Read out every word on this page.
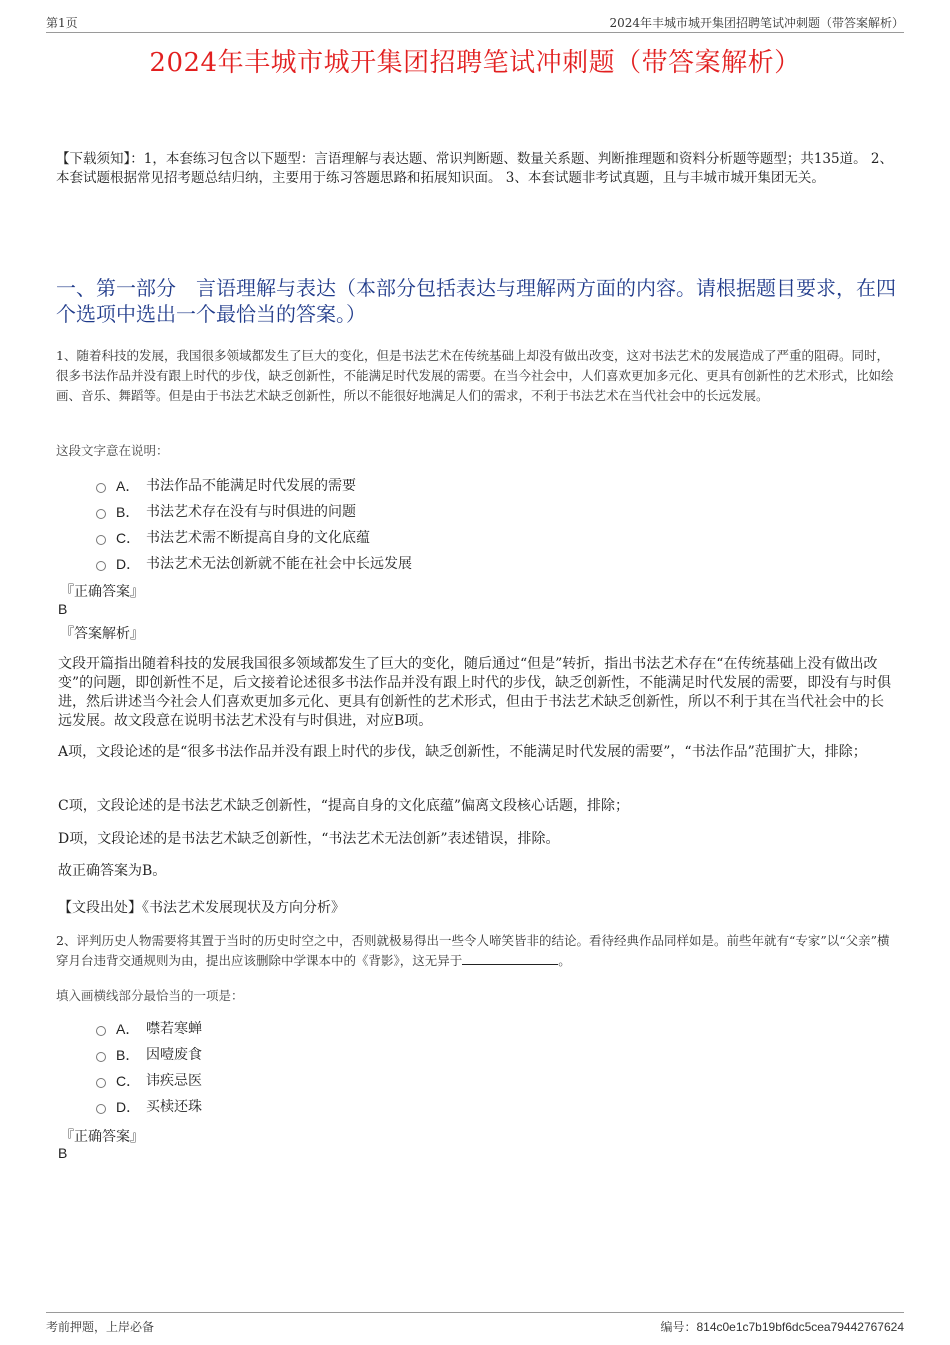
第1页	2024年丰城市城开集团招聘笔试冲刺题（带答案解析）
2024年丰城市城开集团招聘笔试冲刺题（带答案解析）
【下载须知】：1，本套练习包含以下题型：言语理解与表达题、常识判断题、数量关系题、判断推理题和资料分析题等题型；共135道。 2、本套试题根据常见招考题总结归纳，主要用于练习答题思路和拓展知识面。 3、本套试题非考试真题，且与丰城市城开集团无关。
一、第一部分　言语理解与表达（本部分包括表达与理解两方面的内容。请根据题目要求，在四个选项中选出一个最恰当的答案。）
1、随着科技的发展，我国很多领域都发生了巨大的变化，但是书法艺术在传统基础上却没有做出改变，这对书法艺术的发展造成了严重的阻碍。同时，很多书法作品并没有跟上时代的步伐，缺乏创新性，不能满足时代发展的需要。在当今社会中，人们喜欢更加多元化、更具有创新性的艺术形式，比如绘画、音乐、舞蹈等。但是由于书法艺术缺乏创新性，所以不能很好地满足人们的需求，不利于书法艺术在当代社会中的长远发展。
这段文字意在说明：
A． 书法作品不能满足时代发展的需要
B． 书法艺术存在没有与时俱进的问题
C． 书法艺术需不断提高自身的文化底蕴
D． 书法艺术无法创新就不能在社会中长远发展
『正确答案』
B
『答案解析』
文段开篇指出随着科技的发展我国很多领域都发生了巨大的变化，随后通过“但是”转折，指出书法艺术存在“在传统基础上没有做出改变”的问题，即创新性不足，后文接着论述很多书法作品并没有跟上时代的步伐，缺乏创新性，不能满足时代发展的需要，即没有与时俱进，然后讲述当今社会人们喜欢更加多元化、更具有创新性的艺术形式，但由于书法艺术缺乏创新性，所以不利于其在当代社会中的长远发展。故文段意在说明书法艺术没有与时俱进，对应B项。
A项，文段论述的是“很多书法作品并没有跟上时代的步伐，缺乏创新性，不能满足时代发展的需要”，“书法作品”范围扩大，排除；
C项，文段论述的是书法艺术缺乏创新性，“提高自身的文化底蕴”偏离文段核心话题，排除；
D项，文段论述的是书法艺术缺乏创新性，“书法艺术无法创新”表述错误，排除。
故正确答案为B。
【文段出处】《书法艺术发展现状及方向分析》
2、评判历史人物需要将其置于当时的历史时空之中，否则就极易得出一些令人啼笑皆非的结论。看待经典作品同样如是。前些年就有“专家”以“父亲”横穿月台违背交通规则为由，提出应该删除中学课本中的《背影》，这无异于	。
填入画横线部分最恰当的一项是：
A． 噤若寒蝉
B． 因噎废食
C． 讳疾忌医
D． 买椟还珠
『正确答案』
B
考前押题，上岸必备	编号：814c0e1c7b19bf6dc5cea79442767624
